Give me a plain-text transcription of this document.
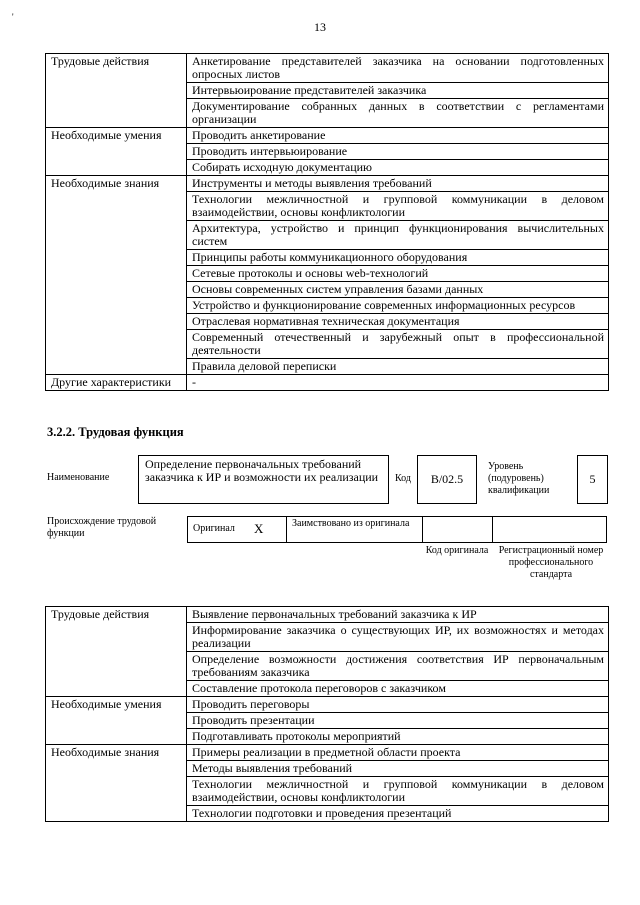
'
13
Трудовые действия	Анкетирование представителей заказчика на основании подготовленных опросных листов
	Интервьюирование представителей заказчика
	Документирование собранных данных в соответствии с регламентами организации
Необходимые умения	Проводить анкетирование
	Проводить интервьюирование
	Собирать исходную документацию
Необходимые знания	Инструменты и методы выявления требований
	Технологии межличностной и групповой коммуникации в деловом взаимодействии, основы конфликтологии
	Архитектура, устройство и принцип функционирования вычислительных систем
	Принципы работы коммуникационного оборудования
	Сетевые протоколы и основы web-технологий
	Основы современных систем управления базами данных
	Устройство и функционирование современных информационных ресурсов
	Отраслевая нормативная техническая документация
	Современный отечественный и зарубежный опыт в профессиональной деятельности
	Правила деловой переписки
Другие характеристики	-
3.2.2. Трудовая функция
Наименование
Определение первоначальных требований заказчика к ИР и возможности их реализации	Код	B/02.5
Уровень (подуровень) квалификации
5
Происхождение трудовой функции	Оригинал X	Заимствовано из оригинала
Код оригинала	Регистрационный номер профессионального стандарта
Трудовые действия	Выявление первоначальных требований заказчика к ИР
	Информирование заказчика о существующих ИР, их возможностях и методах реализации
	Определение возможности достижения соответствия ИР первоначальным требованиям заказчика
	Составление протокола переговоров с заказчиком
Необходимые умения	Проводить переговоры
	Проводить презентации
	Подготавливать протоколы мероприятий
Необходимые знания	Примеры реализации в предметной области проекта
	Методы выявления требований
	Технологии межличностной и групповой коммуникации в деловом взаимодействии, основы конфликтологии
	Технологии подготовки и проведения презентаций
